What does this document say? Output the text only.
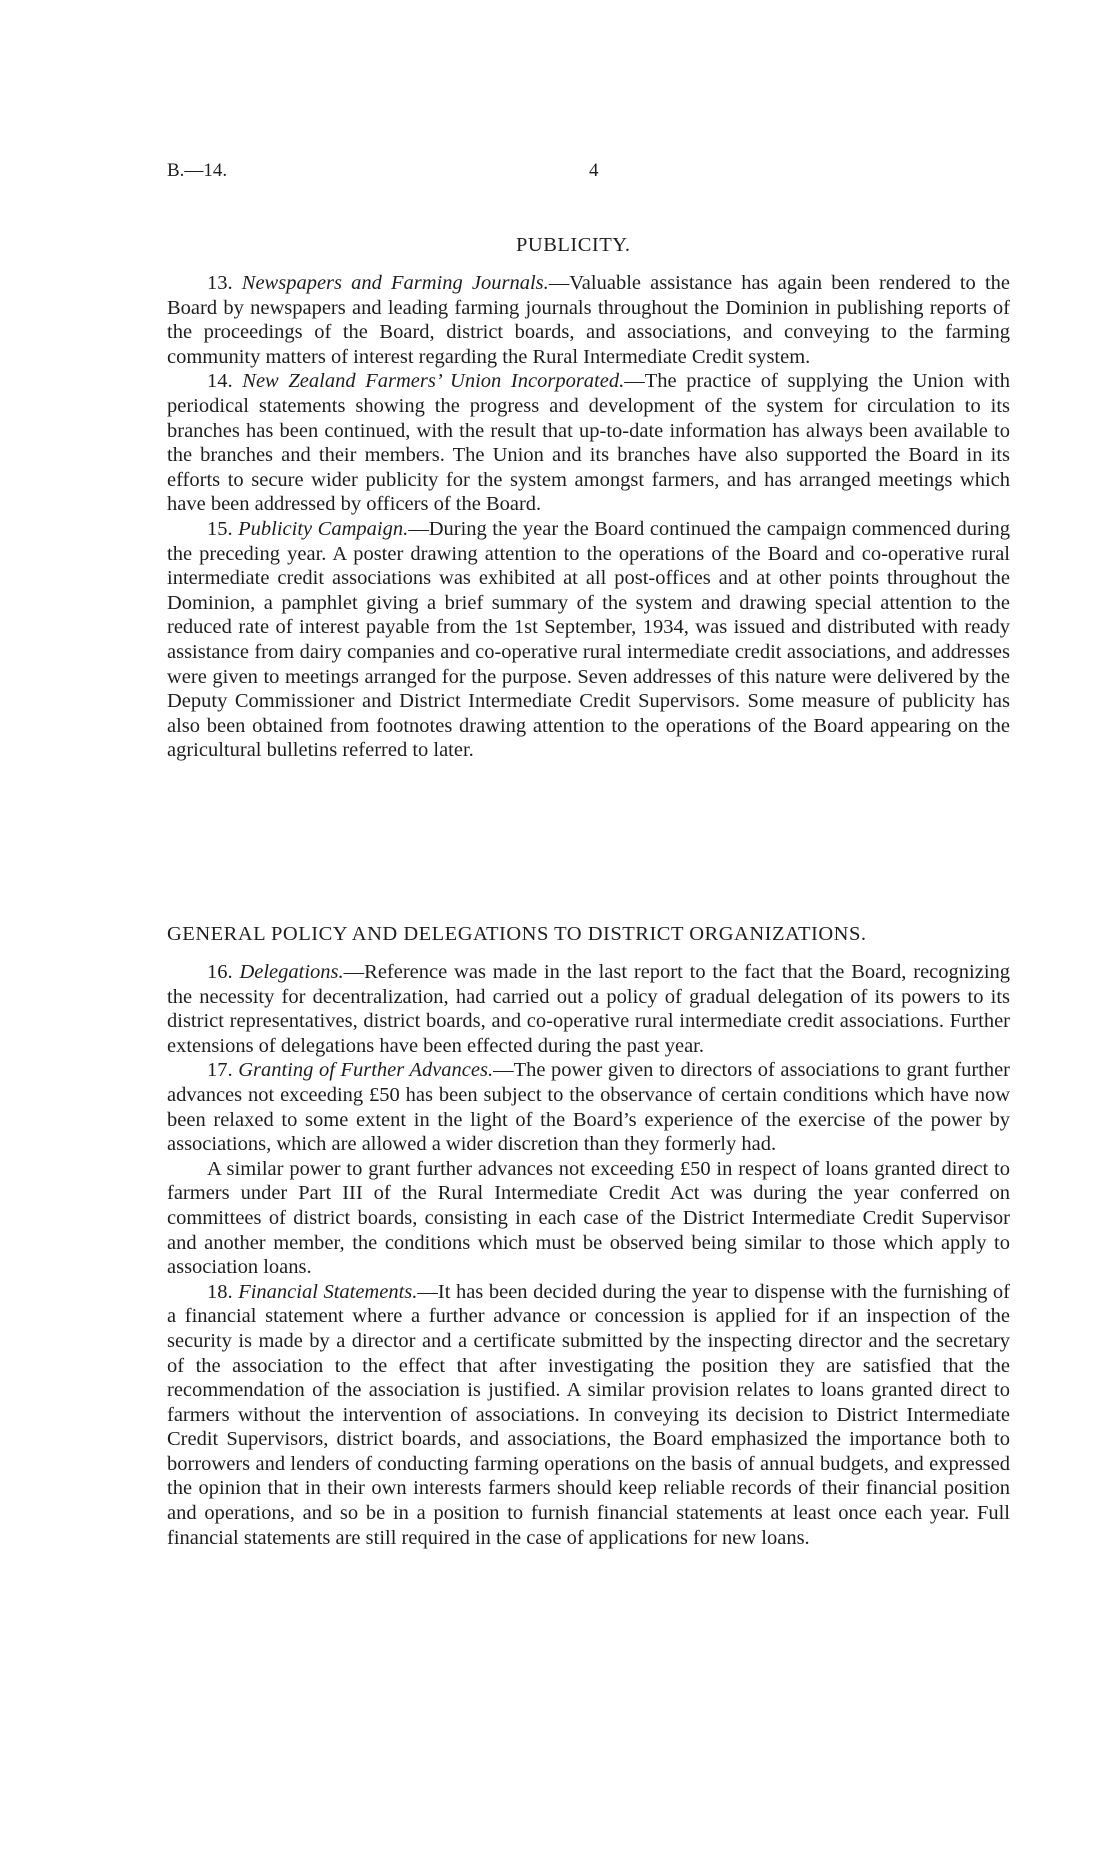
B.—14.	4
PUBLICITY.

13. Newspapers and Farming Journals.—Valuable assistance has again been rendered to the Board by newspapers and leading farming journals throughout the Dominion in publishing reports of the proceedings of the Board, district boards, and associations, and conveying to the farming community matters of interest regarding the Rural Intermediate Credit system.

14. New Zealand Farmers’ Union Incorporated.—The practice of supplying the Union with periodical statements showing the progress and development of the system for circulation to its branches has been continued, with the result that up-to-date information has always been available to the branches and their members. The Union and its branches have also supported the Board in its efforts to secure wider publicity for the system amongst farmers, and has arranged meetings which have been addressed by officers of the Board.

15. Publicity Campaign.—During the year the Board continued the campaign commenced during the preceding year. A poster drawing attention to the operations of the Board and co-operative rural intermediate credit associations was exhibited at all post-offices and at other points throughout the Dominion, a pamphlet giving a brief summary of the system and drawing special attention to the reduced rate of interest payable from the 1st September, 1934, was issued and distributed with ready assistance from dairy companies and co-operative rural intermediate credit associations, and addresses were given to meetings arranged for the purpose. Seven addresses of this nature were delivered by the Deputy Commissioner and District Intermediate Credit Supervisors. Some measure of publicity has also been obtained from footnotes drawing attention to the operations of the Board appearing on the agricultural bulletins referred to later.

GENERAL POLICY AND DELEGATIONS TO DISTRICT ORGANIZATIONS.

16. Delegations.—Reference was made in the last report to the fact that the Board, recognizing the necessity for decentralization, had carried out a policy of gradual delegation of its powers to its district representatives, district boards, and co-operative rural intermediate credit associations. Further extensions of delegations have been effected during the past year.

17. Granting of Further Advances.—The power given to directors of associations to grant further advances not exceeding £50 has been subject to the observance of certain conditions which have now been relaxed to some extent in the light of the Board’s experience of the exercise of the power by associations, which are allowed a wider discretion than they formerly had.

A similar power to grant further advances not exceeding £50 in respect of loans granted direct to farmers under Part III of the Rural Intermediate Credit Act was during the year conferred on committees of district boards, consisting in each case of the District Intermediate Credit Supervisor and another member, the conditions which must be observed being similar to those which apply to association loans.

18. Financial Statements.—It has been decided during the year to dispense with the furnishing of a financial statement where a further advance or concession is applied for if an inspection of the security is made by a director and a certificate submitted by the inspecting director and the secretary of the association to the effect that after investigating the position they are satisfied that the recommendation of the association is justified. A similar provision relates to loans granted direct to farmers without the intervention of associations. In conveying its decision to District Intermediate Credit Supervisors, district boards, and associations, the Board emphasized the importance both to borrowers and lenders of conducting farming operations on the basis of annual budgets, and expressed the opinion that in their own interests farmers should keep reliable records of their financial position and operations, and so be in a position to furnish financial statements at least once each year. Full financial statements are still required in the case of applications for new loans.
